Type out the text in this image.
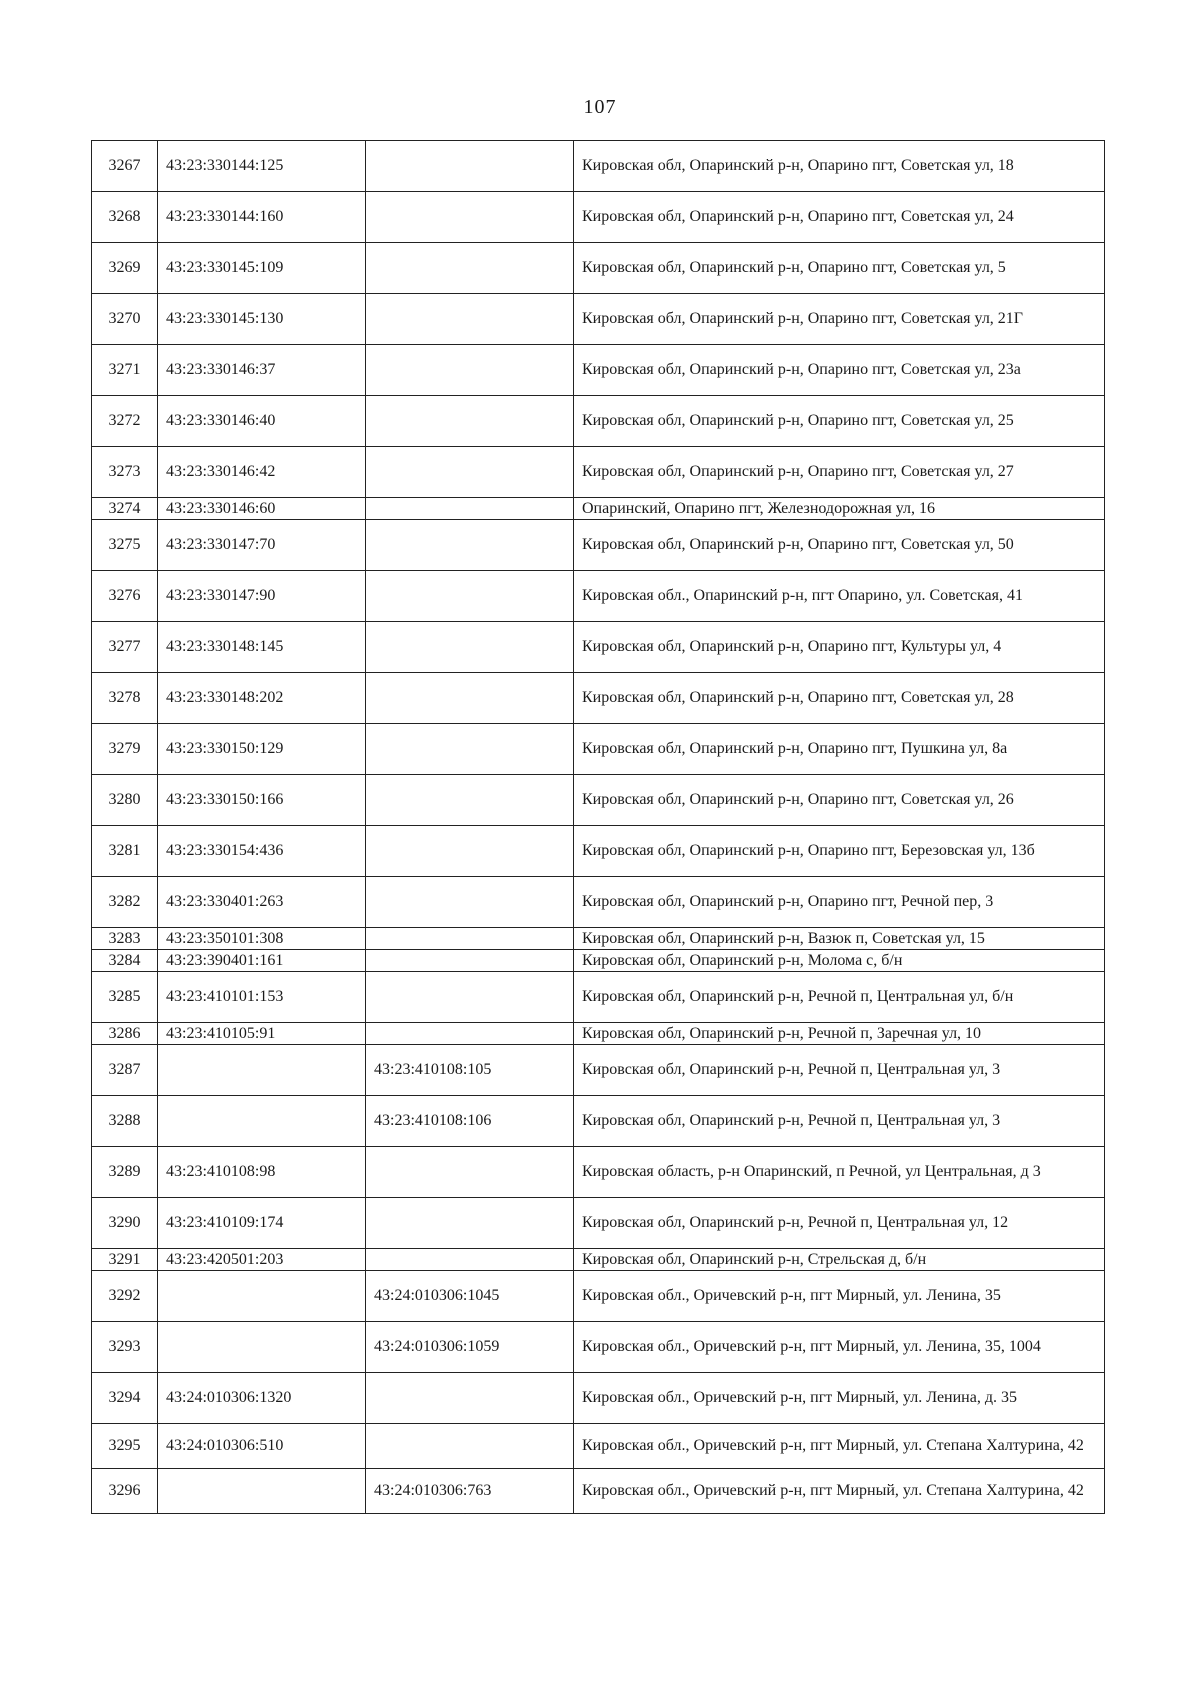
107
3267	43:23:330144:125		Кировская обл, Опаринский р-н, Опарино пгт, Советская ул, 18
3268	43:23:330144:160		Кировская обл, Опаринский р-н, Опарино пгт, Советская ул, 24
3269	43:23:330145:109		Кировская обл, Опаринский р-н, Опарино пгт, Советская ул, 5
3270	43:23:330145:130		Кировская обл, Опаринский р-н, Опарино пгт, Советская ул, 21Г
3271	43:23:330146:37		Кировская обл, Опаринский р-н, Опарино пгт, Советская ул, 23а
3272	43:23:330146:40		Кировская обл, Опаринский р-н, Опарино пгт, Советская ул, 25
3273	43:23:330146:42		Кировская обл, Опаринский р-н, Опарино пгт, Советская ул, 27
3274	43:23:330146:60		Опаринский, Опарино пгт, Железнодорожная ул, 16
3275	43:23:330147:70		Кировская обл, Опаринский р-н, Опарино пгт, Советская ул, 50
3276	43:23:330147:90		Кировская обл., Опаринский р-н, пгт Опарино, ул. Советская, 41
3277	43:23:330148:145		Кировская обл, Опаринский р-н, Опарино пгт, Культуры ул, 4
3278	43:23:330148:202		Кировская обл, Опаринский р-н, Опарино пгт, Советская ул, 28
3279	43:23:330150:129		Кировская обл, Опаринский р-н, Опарино пгт, Пушкина ул, 8а
3280	43:23:330150:166		Кировская обл, Опаринский р-н, Опарино пгт, Советская ул, 26
3281	43:23:330154:436		Кировская обл, Опаринский р-н, Опарино пгт, Березовская ул, 13б
3282	43:23:330401:263		Кировская обл, Опаринский р-н, Опарино пгт, Речной пер, 3
3283	43:23:350101:308		Кировская обл, Опаринский р-н, Вазюк п, Советская ул, 15
3284	43:23:390401:161		Кировская обл, Опаринский р-н, Молома с, б/н
3285	43:23:410101:153		Кировская обл, Опаринский р-н, Речной п, Центральная ул, б/н
3286	43:23:410105:91		Кировская обл, Опаринский р-н, Речной п, Заречная ул, 10
3287		43:23:410108:105	Кировская обл, Опаринский р-н, Речной п, Центральная ул, 3
3288		43:23:410108:106	Кировская обл, Опаринский р-н, Речной п, Центральная ул, 3
3289	43:23:410108:98		Кировская область, р-н Опаринский, п Речной, ул Центральная, д 3
3290	43:23:410109:174		Кировская обл, Опаринский р-н, Речной п, Центральная ул, 12
3291	43:23:420501:203		Кировская обл, Опаринский р-н, Стрельская д, б/н
3292		43:24:010306:1045	Кировская обл., Оричевский р-н, пгт Мирный, ул. Ленина, 35
3293		43:24:010306:1059	Кировская обл., Оричевский р-н, пгт Мирный, ул. Ленина, 35, 1004
3294	43:24:010306:1320		Кировская обл., Оричевский р-н, пгт Мирный, ул. Ленина, д. 35
3295	43:24:010306:510		Кировская обл., Оричевский р-н, пгт Мирный, ул. Степана Халтурина, 42
3296		43:24:010306:763	Кировская обл., Оричевский р-н, пгт Мирный, ул. Степана Халтурина, 42
